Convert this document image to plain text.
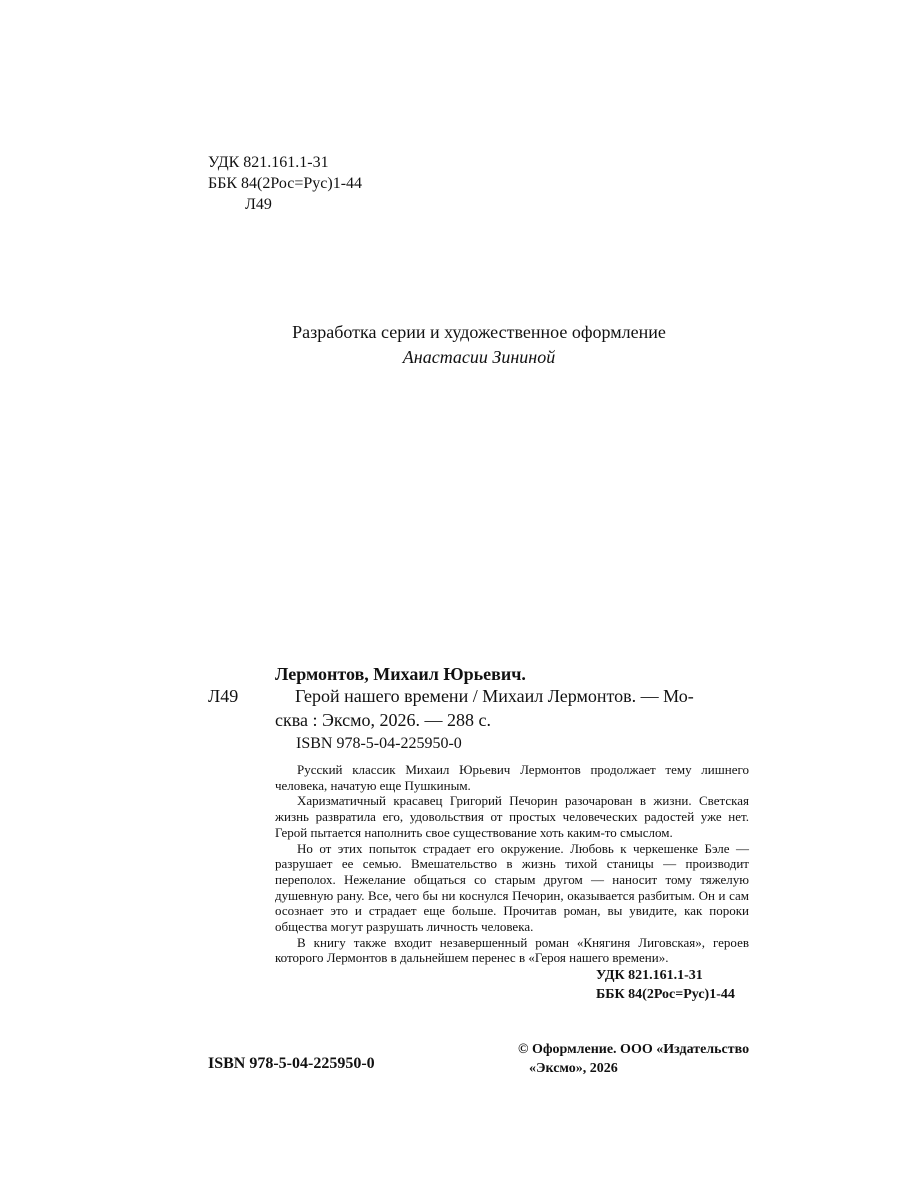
УДК 821.161.1-31
ББК 84(2Рос=Рус)1-44
Л49
Разработка серии и художественное оформление
Анастасии Зининой
Лермонтов, Михаил Юрьевич.
Л49	Герой нашего времени / Михаил Лермонтов. — Мо-
сква : Эксмо, 2026. — 288 с.
ISBN 978-5-04-225950-0

Русский классик Михаил Юрьевич Лермонтов продолжает тему лишнего человека, начатую еще Пушкиным.

Харизматичный красавец Григорий Печорин разочарован в жизни. Светская жизнь развратила его, удовольствия от простых человеческих радостей уже нет. Герой пытается наполнить свое существование хоть каким-то смыслом.

Но от этих попыток страдает его окружение. Любовь к черкешенке Бэле — разрушает ее семью. Вмешательство в жизнь тихой станицы — производит переполох. Нежелание общаться со старым другом — наносит тому тяжелую душевную рану. Все, чего бы ни коснулся Печорин, оказывается разбитым. Он и сам осознает это и страдает еще больше. Прочитав роман, вы увидите, как пороки общества могут разрушать личность человека.

В книгу также входит незавершенный роман «Княгиня Лиговская», героев которого Лермонтов в дальнейшем перенес в «Героя нашего времени».

УДК 821.161.1-31
ББК 84(2Рос=Рус)1-44
ISBN 978-5-04-225950-0
© Оформление. ООО «Издательство
«Эксмо», 2026
